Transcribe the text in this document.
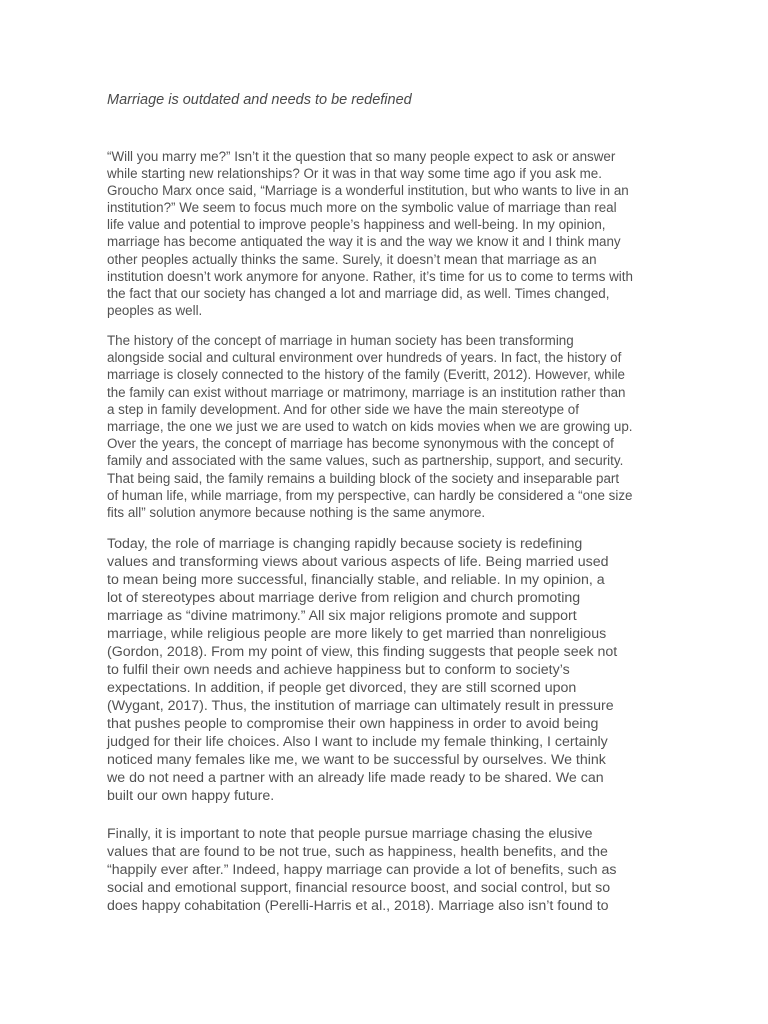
Marriage is outdated and needs to be redefined

“Will you marry me?” Isn’t it the question that so many people expect to ask or answer
while starting new relationships? Or it was in that way some time ago if you ask me.
Groucho Marx once said, “Marriage is a wonderful institution, but who wants to live in an
institution?” We seem to focus much more on the symbolic value of marriage than real
life value and potential to improve people’s happiness and well-being. In my opinion,
marriage has become antiquated the way it is and the way we know it and I think many
other peoples actually thinks the same. Surely, it doesn’t mean that marriage as an
institution doesn’t work anymore for anyone. Rather, it’s time for us to come to terms with
the fact that our society has changed a lot and marriage did, as well. Times changed,
peoples as well.

The history of the concept of marriage in human society has been transforming
alongside social and cultural environment over hundreds of years. In fact, the history of
marriage is closely connected to the history of the family (Everitt, 2012). However, while
the family can exist without marriage or matrimony, marriage is an institution rather than
a step in family development. And for other side we have the main stereotype of
marriage, the one we just we are used to watch on kids movies when we are growing up.
Over the years, the concept of marriage has become synonymous with the concept of
family and associated with the same values, such as partnership, support, and security.
That being said, the family remains a building block of the society and inseparable part
of human life, while marriage, from my perspective, can hardly be considered a “one size
fits all” solution anymore because nothing is the same anymore.

Today, the role of marriage is changing rapidly because society is redefining
values and transforming views about various aspects of life. Being married used
to mean being more successful, financially stable, and reliable. In my opinion, a
lot of stereotypes about marriage derive from religion and church promoting
marriage as “divine matrimony.” All six major religions promote and support
marriage, while religious people are more likely to get married than nonreligious
(Gordon, 2018). From my point of view, this finding suggests that people seek not
to fulfil their own needs and achieve happiness but to conform to society’s
expectations. In addition, if people get divorced, they are still scorned upon
(Wygant, 2017). Thus, the institution of marriage can ultimately result in pressure
that pushes people to compromise their own happiness in order to avoid being
judged for their life choices. Also I want to include my female thinking, I certainly
noticed many females like me, we want to be successful by ourselves. We think
we do not need a partner with an already life made ready to be shared. We can
built our own happy future.

Finally, it is important to note that people pursue marriage chasing the elusive
values that are found to be not true, such as happiness, health benefits, and the
“happily ever after.” Indeed, happy marriage can provide a lot of benefits, such as
social and emotional support, financial resource boost, and social control, but so
does happy cohabitation (Perelli-Harris et al., 2018). Marriage also isn’t found to
